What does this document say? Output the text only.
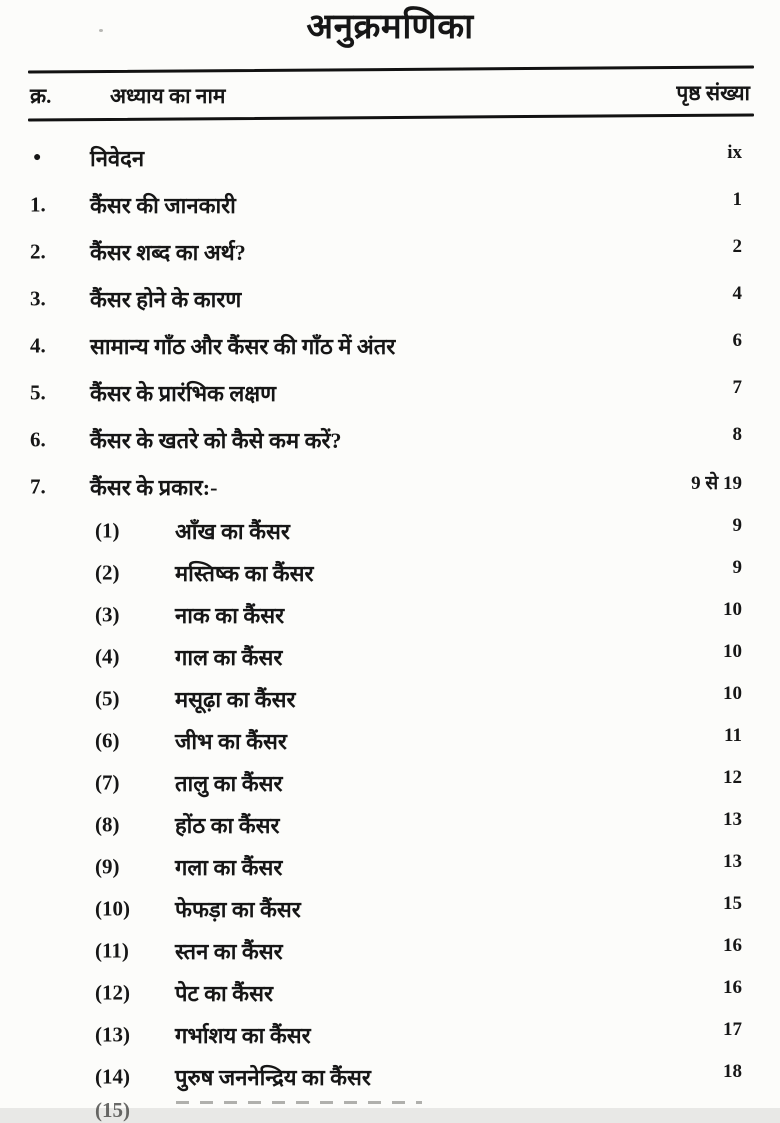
अनुक्रमणिका
क्र.	अध्याय का नाम	पृष्ठ संख्या
● निवेदन	ix
1. कैंसर की जानकारी	1
2. कैंसर शब्द का अर्थ?	2
3. कैंसर होने के कारण	4
4. सामान्य गाँठ और कैंसर की गाँठ में अंतर	6
5. कैंसर के प्रारंभिक लक्षण	7
6. कैंसर के खतरे को कैसे कम करें?	8
7. कैंसर के प्रकार:-	9 से 19
(1)	आँख का कैंसर	9
(2)	मस्तिष्क का कैंसर	9
(3)	नाक का कैंसर	10
(4)	गाल का कैंसर	10
(5)	मसूढ़ा का कैंसर	10
(6)	जीभ का कैंसर	11
(7)	तालु का कैंसर	12
(8)	होंठ का कैंसर	13
(9)	गला का कैंसर	13
(10) फेफड़ा का कैंसर	15
(11) स्तन का कैंसर	16
(12) पेट का कैंसर	16
(13) गर्भाशय का कैंसर	17
(14) पुरुष जननेन्द्रिय का कैंसर	18
(15)
